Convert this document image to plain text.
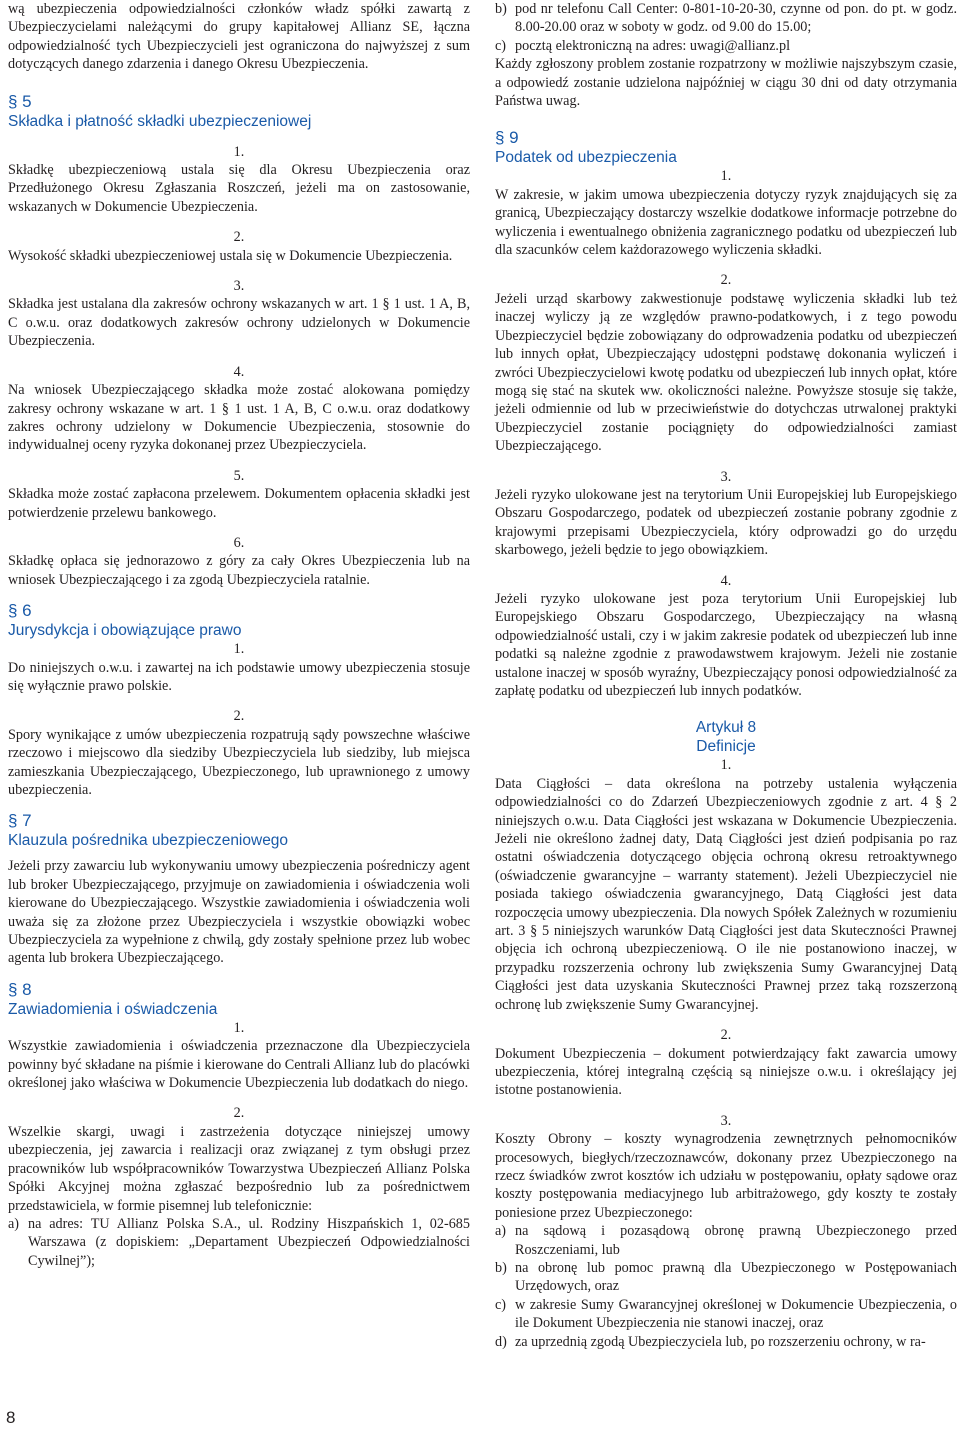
wą ubezpieczenia odpowiedzialności członków władz spółki zawartą z Ubezpieczycielami należącymi do grupy kapitałowej Allianz SE, łączna odpowiedzialność tych Ubezpieczycieli jest ograniczona do najwyższej z sum dotyczących danego zdarzenia i danego Okresu Ubezpieczenia.

§ 5

Składka i płatność składki ubezpieczeniowej

1.

Składkę ubezpieczeniową ustala się dla Okresu Ubezpieczenia oraz Przedłużonego Okresu Zgłaszania Roszczeń, jeżeli ma on zastosowanie, wskazanych w Dokumencie Ubezpieczenia.

2.

Wysokość składki ubezpieczeniowej ustala się w Dokumencie Ubezpieczenia.

3.

Składka jest ustalana dla zakresów ochrony wskazanych w art. 1 § 1 ust. 1 A, B, C o.w.u. oraz dodatkowych zakresów ochrony udzielonych w Dokumencie Ubezpieczenia.

4.

Na wniosek Ubezpieczającego składka może zostać alokowana pomiędzy zakresy ochrony wskazane w art. 1 § 1 ust. 1 A, B, C o.w.u. oraz dodatkowy zakres ochrony udzielony w Dokumencie Ubezpieczenia, stosownie do indywidualnej oceny ryzyka dokonanej przez Ubezpieczyciela.

5.

Składka może zostać zapłacona przelewem. Dokumentem opłacenia składki jest potwierdzenie przelewu bankowego.

6.

Składkę opłaca się jednorazowo z góry za cały Okres Ubezpieczenia lub na wniosek Ubezpieczającego i za zgodą Ubezpieczyciela ratalnie.

§ 6

Jurysdykcja i obowiązujące prawo

1.

Do niniejszych o.w.u. i zawartej na ich podstawie umowy ubezpieczenia stosuje się wyłącznie prawo polskie.

2.

Spory wynikające z umów ubezpieczenia rozpatrują sądy powszechne właściwe rzeczowo i miejscowo dla siedziby Ubezpieczyciela lub siedziby, lub miejsca zamieszkania Ubezpieczającego, Ubezpieczonego, lub uprawnionego z umowy ubezpieczenia.

§ 7

Klauzula pośrednika ubezpieczeniowego

Jeżeli przy zawarciu lub wykonywaniu umowy ubezpieczenia pośredniczy agent lub broker Ubezpieczającego, przyjmuje on zawiadomienia i oświadczenia woli kierowane do Ubezpieczającego. Wszystkie zawiadomienia i oświadczenia woli uważa się za złożone przez Ubezpieczyciela i wszystkie obowiązki wobec Ubezpieczyciela za wypełnione z chwilą, gdy zostały spełnione przez lub wobec agenta lub brokera Ubezpieczającego.

§ 8

Zawiadomienia i oświadczenia

1.

Wszystkie zawiadomienia i oświadczenia przeznaczone dla Ubezpieczyciela powinny być składane na piśmie i kierowane do Centrali Allianz lub do placówki określonej jako właściwa w Dokumencie Ubezpieczenia lub dodatkach do niego.

2.

Wszelkie skargi, uwagi i zastrzeżenia dotyczące niniejszej umowy ubezpieczenia, jej zawarcia i realizacji oraz związanej z tym obsługi przez pracowników lub współpracowników Towarzystwa Ubezpieczeń Allianz Polska Spółki Akcyjnej można zgłaszać bezpośrednio lub za pośrednictwem przedstawiciela, w formie pisemnej lub telefonicznie:

a) na adres: TU Allianz Polska S.A., ul. Rodziny Hiszpańskich 1, 02-685 Warszawa (z dopiskiem: „Departament Ubezpieczeń Odpowiedzialności Cywilnej”);
b) pod nr telefonu Call Center: 0-801-10-20-30, czynne od pon. do pt. w godz. 8.00-20.00 oraz w soboty w godz. od 9.00 do 15.00;
c) pocztą elektroniczną na adres: uwagi@allianz.pl

Każdy zgłoszony problem zostanie rozpatrzony w możliwie najszybszym czasie, a odpowiedź zostanie udzielona najpóźniej w ciągu 30 dni od daty otrzymania Państwa uwag.

§ 9

Podatek od ubezpieczenia

1.

W zakresie, w jakim umowa ubezpieczenia dotyczy ryzyk znajdujących się za granicą, Ubezpieczający dostarczy wszelkie dodatkowe informacje potrzebne do wyliczenia i ewentualnego obniżenia zagranicznego podatku od ubezpieczeń lub dla szacunków celem każdorazowego wyliczenia składki.

2.

Jeżeli urząd skarbowy zakwestionuje podstawę wyliczenia składki lub też inaczej wyliczy ją ze względów prawno-podatkowych, i z tego powodu Ubezpieczyciel będzie zobowiązany do odprowadzenia podatku od ubezpieczeń lub innych opłat, Ubezpieczający udostępni podstawę dokonania wyliczeń i zwróci Ubezpieczycielowi kwotę podatku od ubezpieczeń lub innych opłat, które mogą się stać na skutek ww. okoliczności należne. Powyższe stosuje się także, jeżeli odmiennie od lub w przeciwieństwie do dotychczas utrwalonej praktyki Ubezpieczyciel zostanie pociągnięty do odpowiedzialności zamiast Ubezpieczającego.

3.

Jeżeli ryzyko ulokowane jest na terytorium Unii Europejskiej lub Europejskiego Obszaru Gospodarczego, podatek od ubezpieczeń zostanie pobrany zgodnie z krajowymi przepisami Ubezpieczyciela, który odprowadzi go do urzędu skarbowego, jeżeli będzie to jego obowiązkiem.

4.

Jeżeli ryzyko ulokowane jest poza terytorium Unii Europejskiej lub Europejskiego Obszaru Gospodarczego, Ubezpieczający na własną odpowiedzialność ustali, czy i w jakim zakresie podatek od ubezpieczeń lub inne podatki są należne zgodnie z prawodawstwem krajowym. Jeżeli nie zostanie ustalone inaczej w sposób wyraźny, Ubezpieczający ponosi odpowiedzialność za zapłatę podatku od ubezpieczeń lub innych podatków.

Artykuł 8

Definicje

1.

Data Ciągłości – data określona na potrzeby ustalenia wyłączenia odpowiedzialności co do Zdarzeń Ubezpieczeniowych zgodnie z art. 4 § 2 niniejszych o.w.u. Data Ciągłości jest wskazana w Dokumencie Ubezpieczenia. Jeżeli nie określono żadnej daty, Datą Ciągłości jest dzień podpisania po raz ostatni oświadczenia dotyczącego objęcia ochroną okresu retroaktywnego (oświadczenie gwarancyjne – warranty statement). Jeżeli Ubezpieczyciel nie posiada takiego oświadczenia gwarancyjnego, Datą Ciągłości jest data rozpoczęcia umowy ubezpieczenia. Dla nowych Spółek Zależnych w rozumieniu art. 3 § 5 niniejszych warunków Datą Ciągłości jest data Skuteczności Prawnej objęcia ich ochroną ubezpieczeniową. O ile nie postanowiono inaczej, w przypadku rozszerzenia ochrony lub zwiększenia Sumy Gwarancyjnej Datą Ciągłości jest data uzyskania Skuteczności Prawnej przez taką rozszerzoną ochronę lub zwiększenie Sumy Gwarancyjnej.

2.

Dokument Ubezpieczenia – dokument potwierdzający fakt zawarcia umowy ubezpieczenia, której integralną częścią są niniejsze o.w.u. i określający jej istotne postanowienia.

3.

Koszty Obrony – koszty wynagrodzenia zewnętrznych pełnomocników procesowych, biegłych/rzeczoznawców, dokonany przez Ubezpieczonego na rzecz świadków zwrot kosztów ich udziału w postępowaniu, opłaty sądowe oraz koszty postępowania mediacyjnego lub arbitrażowego, gdy koszty te zostały poniesione przez Ubezpieczonego:

a) na sądową i pozasądową obronę prawną Ubezpieczonego przed Roszczeniami, lub
b) na obronę lub pomoc prawną dla Ubezpieczonego w Postępowaniach Urzędowych, oraz
c) w zakresie Sumy Gwarancyjnej określonej w Dokumencie Ubezpieczenia, o ile Dokument Ubezpieczenia nie stanowi inaczej, oraz
d) za uprzednią zgodą Ubezpieczyciela lub, po rozszerzeniu ochrony, w ra-
8
